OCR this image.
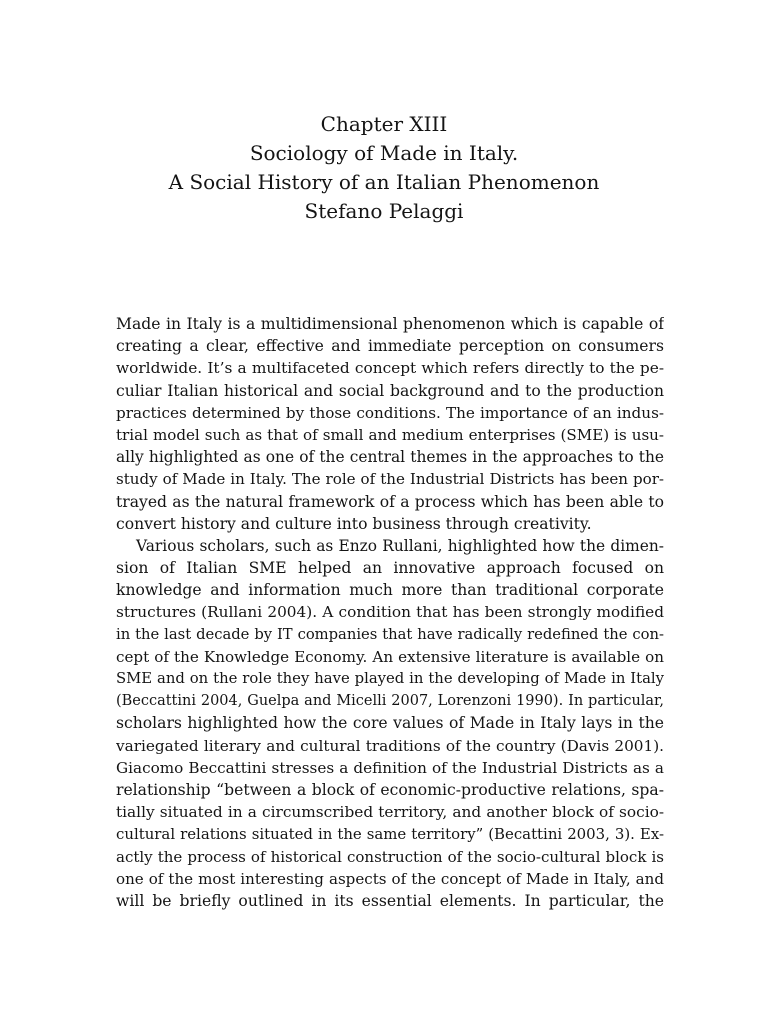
Chapter XIII
Sociology of Made in Italy.
A Social History of an Italian Phenomenon
Stefano Pelaggi
Made in Italy is a multidimensional phenomenon which is capable of
creating a clear, effective and immediate perception on consumers
worldwide. It’s a multifaceted concept which refers directly to the pe-
culiar Italian historical and social background and to the production
practices determined by those conditions. The importance of an indus-
trial model such as that of small and medium enterprises (SME) is usu-
ally highlighted as one of the central themes in the approaches to the
study of Made in Italy. The role of the Industrial Districts has been por-
trayed as the natural framework of a process which has been able to
convert history and culture into business through creativity.
Various scholars, such as Enzo Rullani, highlighted how the dimen-
sion of Italian SME helped an innovative approach focused on
knowledge and information much more than traditional corporate
structures (Rullani 2004). A condition that has been strongly modified
in the last decade by IT companies that have radically redefined the con-
cept of the Knowledge Economy. An extensive literature is available on
SME and on the role they have played in the developing of Made in Italy
(Beccattini 2004, Guelpa and Micelli 2007, Lorenzoni 1990). In particular,
scholars highlighted how the core values of Made in Italy lays in the
variegated literary and cultural traditions of the country (Davis 2001).
Giacomo Beccattini stresses a definition of the Industrial Districts as a
relationship “between a block of economic-productive relations, spa-
tially situated in a circumscribed territory, and another block of socio-
cultural relations situated in the same territory” (Becattini 2003, 3). Ex-
actly the process of historical construction of the socio-cultural block is
one of the most interesting aspects of the concept of Made in Italy, and
will be briefly outlined in its essential elements. In particular, the
